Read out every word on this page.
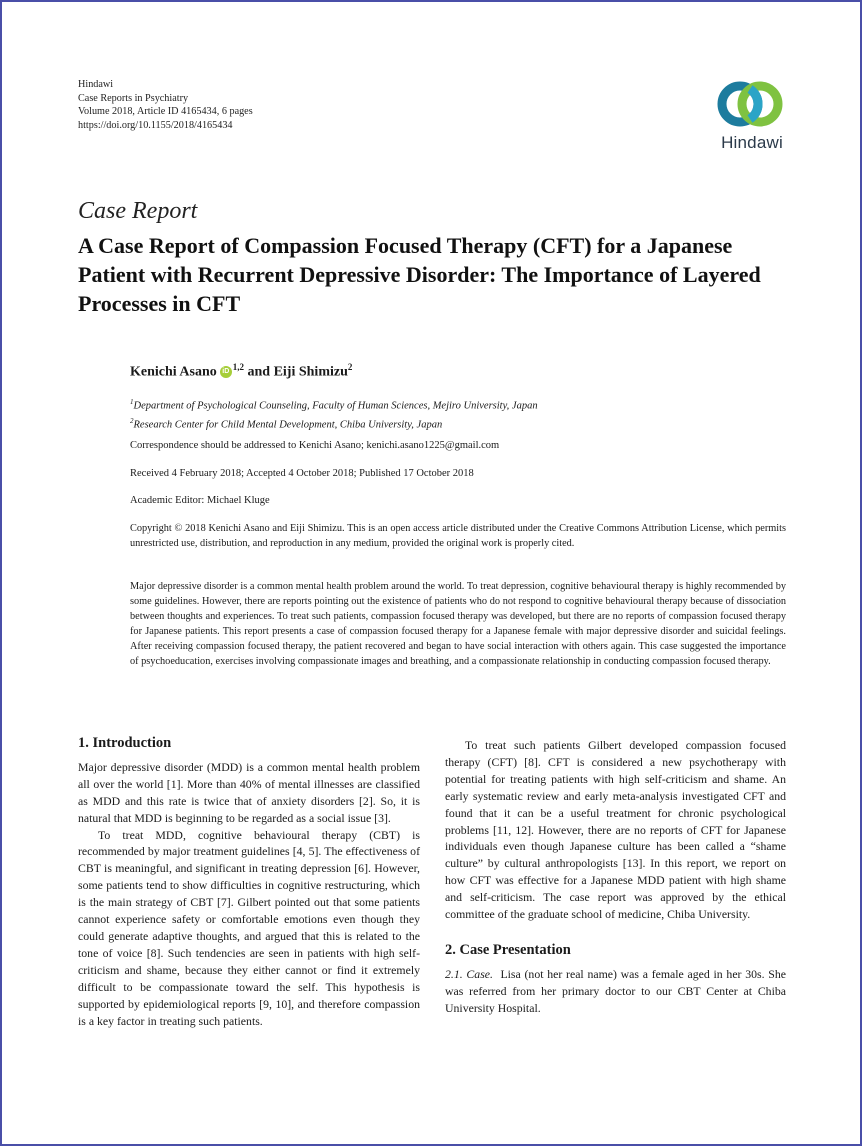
Hindawi
Case Reports in Psychiatry
Volume 2018, Article ID 4165434, 6 pages
https://doi.org/10.1155/2018/4165434
Hindawi
Case Report
A Case Report of Compassion Focused Therapy (CFT) for a Japanese Patient with Recurrent Depressive Disorder: The Importance of Layered Processes in CFT
Kenichi Asano iD $^{1,2}$ and Eiji Shimizu$^2$
$^1$Department of Psychological Counseling, Faculty of Human Sciences, Mejiro University, Japan
$^2$Research Center for Child Mental Development, Chiba University, Japan
Correspondence should be addressed to Kenichi Asano; kenichi.asano1225@gmail.com
Received 4 February 2018; Accepted 4 October 2018; Published 17 October 2018
Academic Editor: Michael Kluge
Copyright © 2018 Kenichi Asano and Eiji Shimizu. This is an open access article distributed under the Creative Commons Attribution License, which permits unrestricted use, distribution, and reproduction in any medium, provided the original work is properly cited.
Major depressive disorder is a common mental health problem around the world. To treat depression, cognitive behavioural therapy is highly recommended by some guidelines. However, there are reports pointing out the existence of patients who do not respond to cognitive behavioural therapy because of dissociation between thoughts and experiences. To treat such patients, compassion focused therapy was developed, but there are no reports of compassion focused therapy for Japanese patients. This report presents a case of compassion focused therapy for a Japanese female with major depressive disorder and suicidal feelings. After receiving compassion focused therapy, the patient recovered and began to have social interaction with others again. This case suggested the importance of psychoeducation, exercises involving compassionate images and breathing, and a compassionate relationship in conducting compassion focused therapy.

1. Introduction

Major depressive disorder (MDD) is a common mental health problem all over the world [1]. More than 40% of mental illnesses are classified as MDD and this rate is twice that of anxiety disorders [2]. So, it is natural that MDD is beginning to be regarded as a social issue [3].

To treat MDD, cognitive behavioural therapy (CBT) is recommended by major treatment guidelines [4, 5]. The effectiveness of CBT is meaningful, and significant in treating depression [6]. However, some patients tend to show difficulties in cognitive restructuring, which is the main strategy of CBT [7]. Gilbert pointed out that some patients cannot experience safety or comfortable emotions even though they could generate adaptive thoughts, and argued that this is related to the tone of voice [8]. Such tendencies are seen in patients with high self-criticism and shame, because they either cannot or find it extremely difficult to be compassionate toward the self. This hypothesis is supported by epidemiological reports [9, 10], and therefore compassion is a key factor in treating such patients.

To treat such patients Gilbert developed compassion focused therapy (CFT) [8]. CFT is considered a new psychotherapy with potential for treating patients with high self-criticism and shame. An early systematic review and early meta-analysis investigated CFT and found that it can be a useful treatment for chronic psychological problems [11, 12]. However, there are no reports of CFT for Japanese individuals even though Japanese culture has been called a “shame culture” by cultural anthropologists [13]. In this report, we report on how CFT was effective for a Japanese MDD patient with high shame and self-criticism. The case report was approved by the ethical committee of the graduate school of medicine, Chiba University.

2. Case Presentation

2.1. Case. Lisa (not her real name) was a female aged in her 30s. She was referred from her primary doctor to our CBT Center at Chiba University Hospital.
